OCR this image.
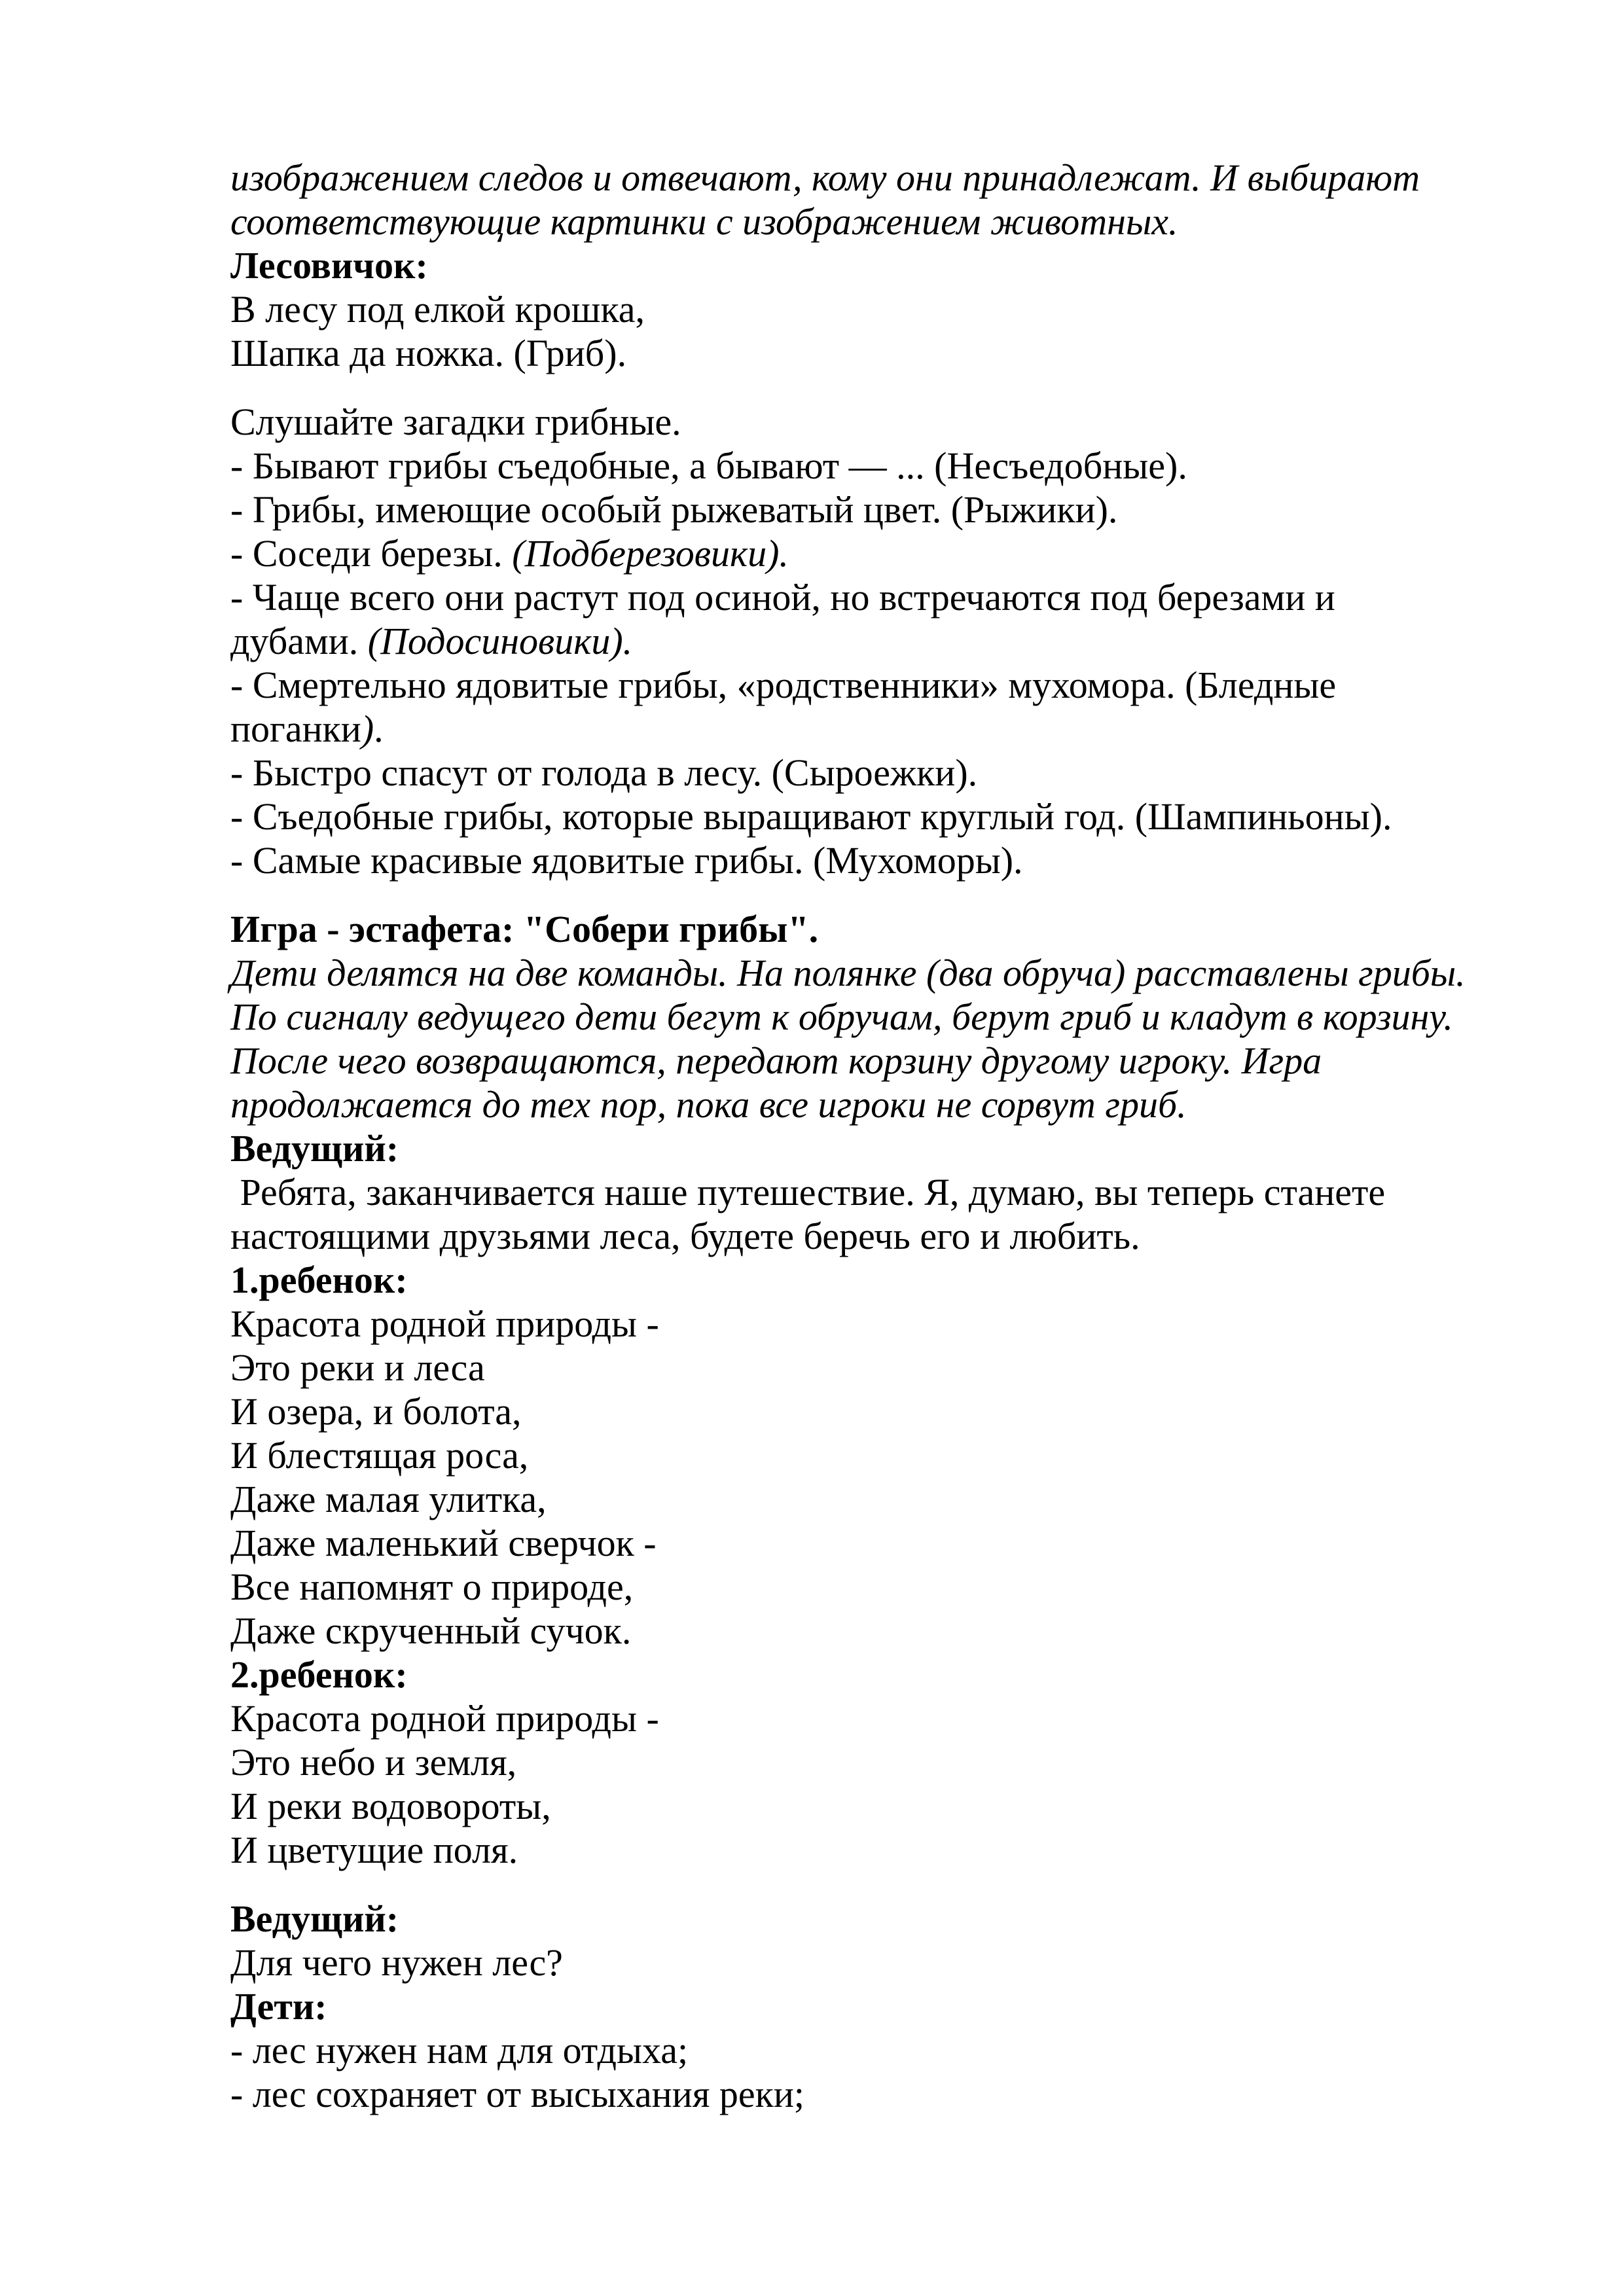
изображением следов и отвечают, кому они принадлежат. И выбирают
соответствующие картинки с изображением животных.
Лесовичок:
В лесу под елкой крошка,
Шапка да ножка. (Гриб).
Слушайте загадки грибные.
- Бывают грибы съедобные, а бывают — ... (Несъедобные).
- Грибы, имеющие особый рыжеватый цвет. (Рыжики).
- Соседи березы. (Подберезовики).
- Чаще всего они растут под осиной, но встречаются под березами и
дубами. (Подосиновики).
- Смертельно ядовитые грибы, «родственники» мухомора. (Бледные
поганки).
- Быстро спасут от голода в лесу. (Сыроежки).
- Съедобные грибы, которые выращивают круглый год. (Шампиньоны).
- Самые красивые ядовитые грибы. (Мухоморы).
Игра - эстафета: "Собери грибы".
Дети делятся на две команды. На полянке (два обруча) расставлены грибы.
По сигналу ведущего дети бегут к обручам, берут гриб и кладут в корзину.
После чего возвращаются, передают корзину другому игроку. Игра
продолжается до тех пор, пока все игроки не сорвут гриб.
Ведущий:
Ребята, заканчивается наше путешествие. Я, думаю, вы теперь станете
настоящими друзьями леса, будете беречь его и любить.
1.ребенок:
Красота родной природы -
Это реки и леса
И озера, и болота,
И блестящая роса,
Даже малая улитка,
Даже маленький сверчок -
Все напомнят о природе,
Даже скрученный сучок.
2.ребенок:
Красота родной природы -
Это небо и земля,
И реки водовороты,
И цветущие поля.
Ведущий:
Для чего нужен лес?
Дети:
- лес нужен нам для отдыха;
- лес сохраняет от высыхания реки;
